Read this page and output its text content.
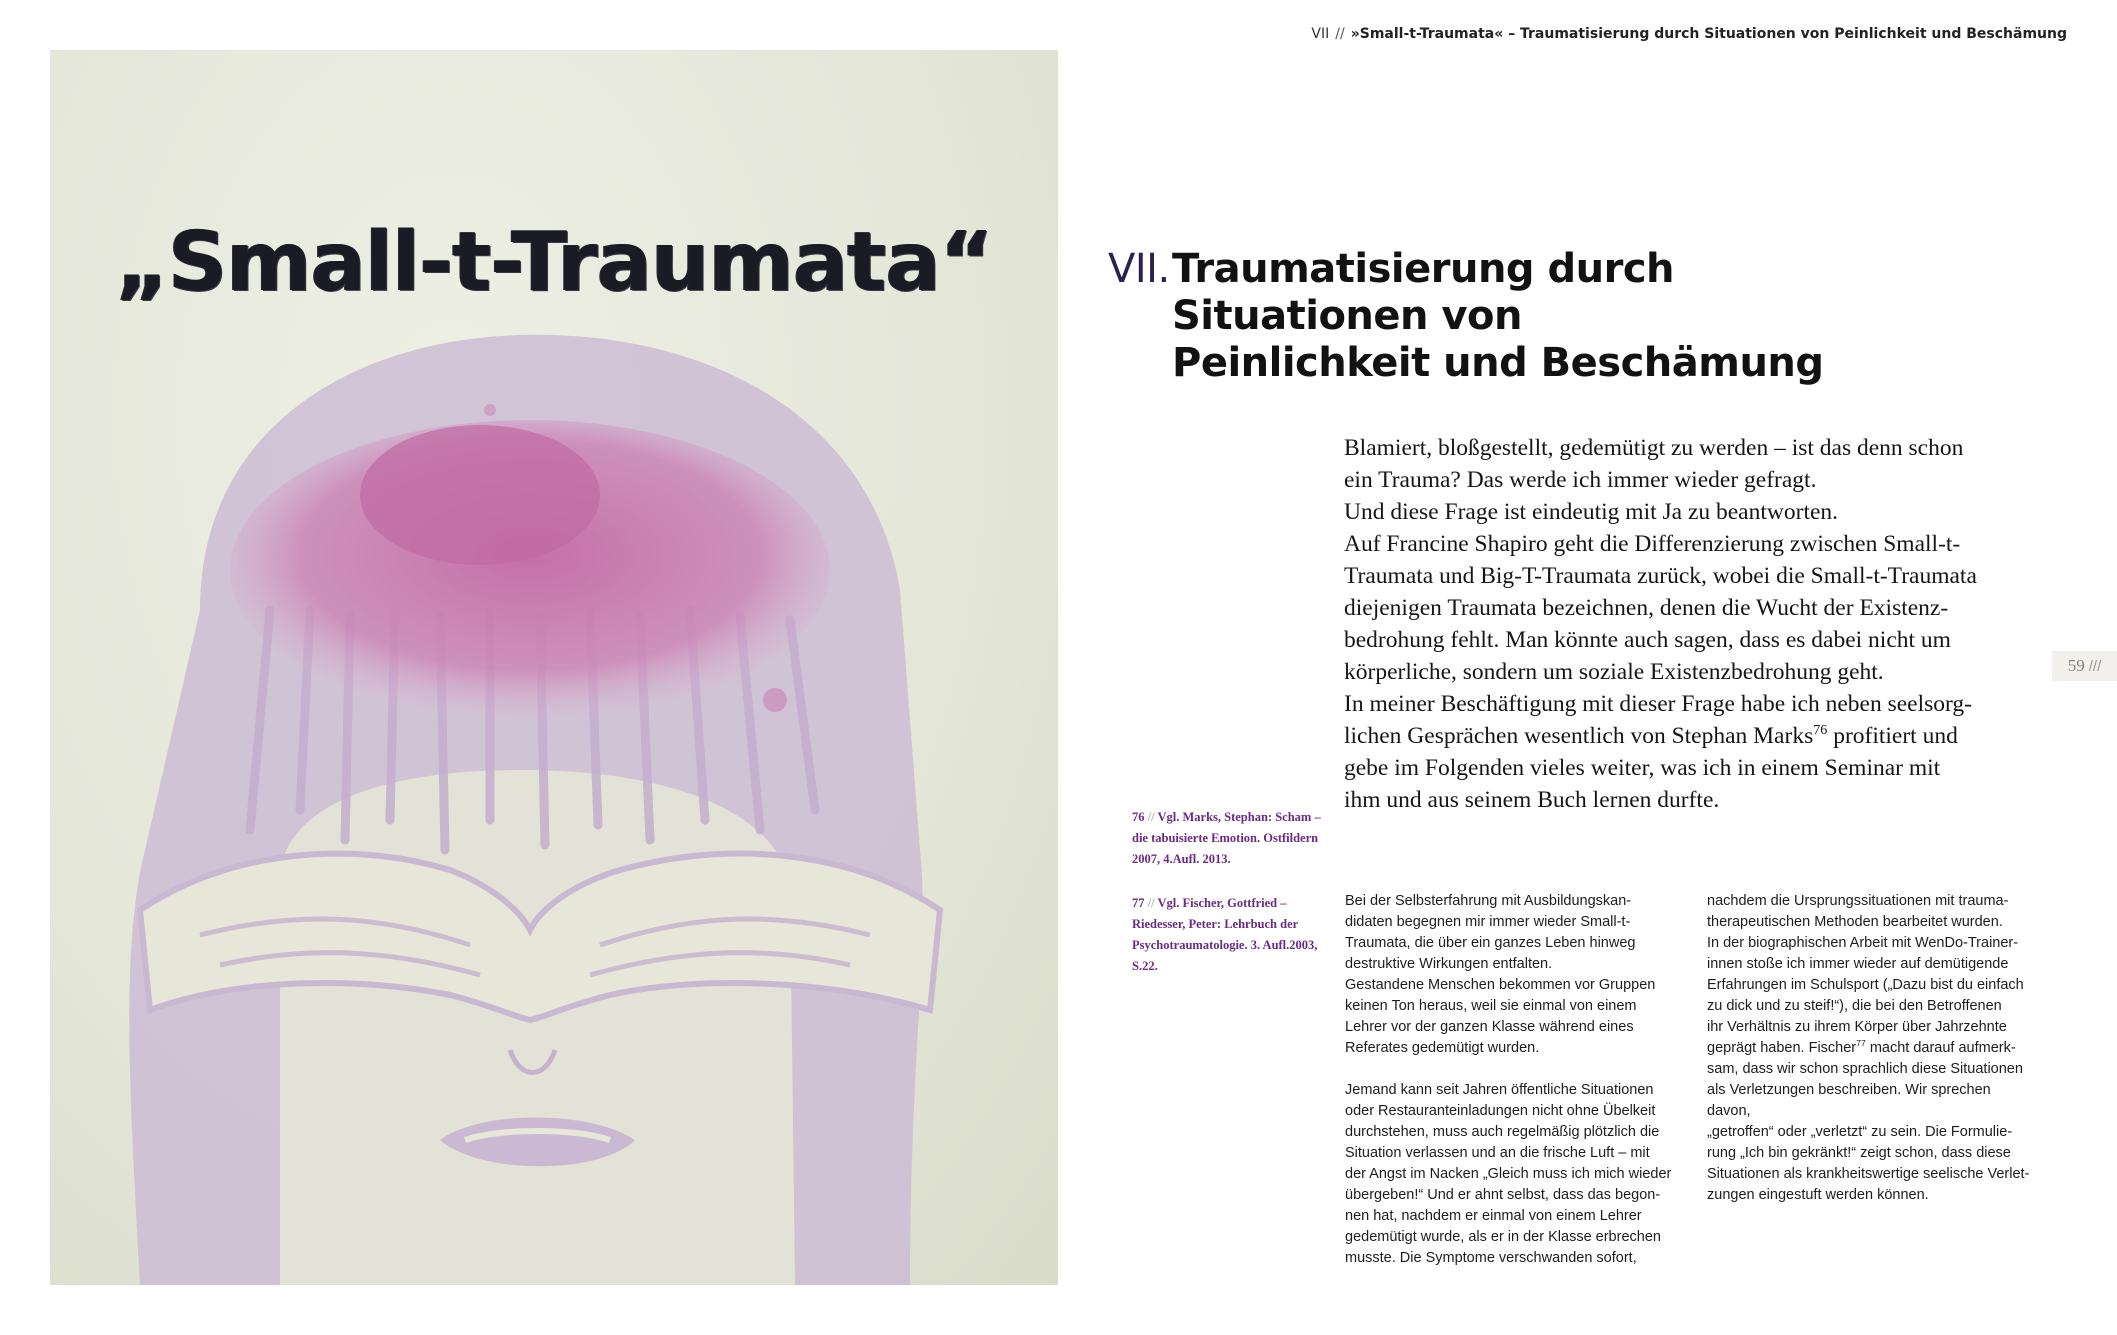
„Small-t-Traumata“
VII // »Small-t-Traumata« – Traumatisierung durch Situationen von Peinlichkeit und Beschämung
VII. Traumatisierung durch Situationen von
Peinlichkeit und Beschämung
Blamiert, bloßgestellt, gedemütigt zu werden – ist das denn schon
ein Trauma? Das werde ich immer wieder gefragt.
Und diese Frage ist eindeutig mit Ja zu beantworten.
Auf Francine Shapiro geht die Differenzierung zwischen Small-t-
Traumata und Big-T-Traumata zurück, wobei die Small-t-Traumata
diejenigen Traumata bezeichnen, denen die Wucht der Existenz-
bedrohung fehlt. Man könnte auch sagen, dass es dabei nicht um
körperliche, sondern um soziale Existenzbedrohung geht.
In meiner Beschäftigung mit dieser Frage habe ich neben seelsorg-
lichen Gesprächen wesentlich von Stephan Marks$^{76}$ profitiert und
gebe im Folgenden vieles weiter, was ich in einem Seminar mit
ihm und aus seinem Buch lernen durfte.
76 // Vgl. Marks, Stephan: Scham – die tabuisierte Emotion. Ostfildern 2007, 4.Aufl. 2013.
77 // Vgl. Fischer, Gottfried – Riedesser, Peter: Lehrbuch der Psychotraumatologie. 3. Aufl.2003, S.22.

Bei der Selbsterfahrung mit Ausbildungskan-
didaten begegnen mir immer wieder Small-t-
Traumata, die über ein ganzes Leben hinweg
destruktive Wirkungen entfalten.
Gestandene Menschen bekommen vor Gruppen
keinen Ton heraus, weil sie einmal von einem
Lehrer vor der ganzen Klasse während eines
Referates gedemütigt wurden.

Jemand kann seit Jahren öffentliche Situationen
oder Restauranteinladungen nicht ohne Übelkeit
durchstehen, muss auch regelmäßig plötzlich die
Situation verlassen und an die frische Luft – mit
der Angst im Nacken „Gleich muss ich mich wieder
übergeben!“ Und er ahnt selbst, dass das begon-
nen hat, nachdem er einmal von einem Lehrer
gedemütigt wurde, als er in der Klasse erbrechen
musste. Die Symptome verschwanden sofort,

nachdem die Ursprungssituationen mit trauma-
therapeutischen Methoden bearbeitet wurden.
In der biographischen Arbeit mit WenDo-Trainer-
innen stoße ich immer wieder auf demütigende
Erfahrungen im Schulsport („Dazu bist du einfach
zu dick und zu steif!“), die bei den Betroffenen
ihr Verhältnis zu ihrem Körper über Jahrzehnte
geprägt haben. Fischer$^{77}$ macht darauf aufmerk-
sam, dass wir schon sprachlich diese Situationen
als Verletzungen beschreiben. Wir sprechen davon,
„getroffen“ oder „verletzt“ zu sein. Die Formulie-
rung „Ich bin gekränkt!“ zeigt schon, dass diese
Situationen als krankheitswertige seelische Verlet-
zungen eingestuft werden können.

59 ///
